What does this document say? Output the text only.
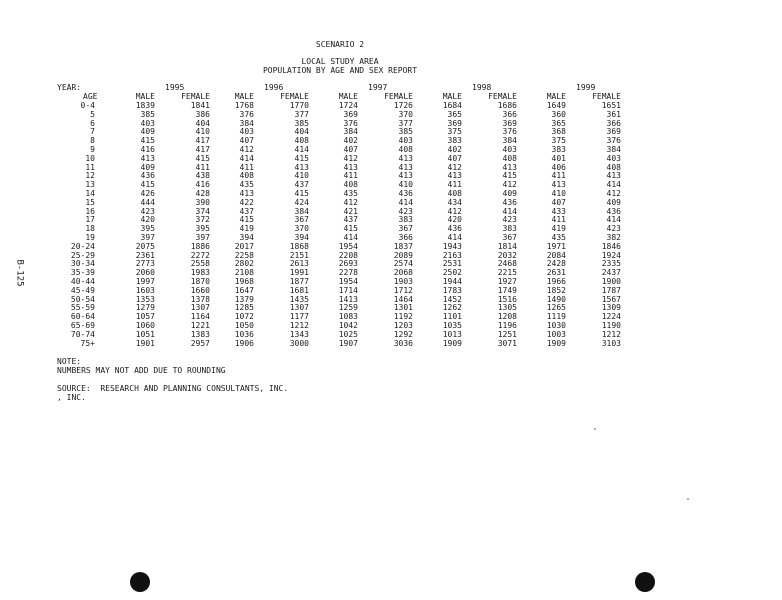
SCENARIO 2
LOCAL STUDY AREA
POPULATION BY AGE AND SEX REPORT
YEAR:
AGE
1995	1996	1997	1998	1999
MALE	FEMALE	MALE	FEMALE	MALE	FEMALE	MALE	FEMALE	MALE	FEMALE
0-4	1839	1841	1768	1770	1724	1726	1684	1686	1649	1651
5	385	386	376	377	369	370	365	366	360	361
6	403	404	384	385	376	377	369	369	365	366
7	409	410	403	404	384	385	375	376	368	369
8	415	417	407	408	402	403	383	384	375	376
9	416	417	412	414	407	408	402	403	383	384
10	413	415	414	415	412	413	407	408	401	403
11	409	411	411	413	413	413	412	413	406	408
12	436	438	408	410	411	413	413	415	411	413
13	415	416	435	437	408	410	411	412	413	414
14	426	428	413	415	435	436	408	409	410	412
15	444	390	422	424	412	414	434	436	407	409
16	423	374	437	384	421	423	412	414	433	436
17	420	372	415	367	437	383	420	423	411	414
18	395	395	419	370	415	367	436	383	419	423
19	397	397	394	394	414	366	414	367	435	382
20-24	2075	1886	2017	1868	1954	1837	1943	1814	1971	1846
25-29	2361	2272	2258	2151	2208	2089	2163	2032	2084	1924
30-34	2773	2558	2802	2613	2693	2574	2531	2468	2428	2335
35-39	2060	1983	2108	1991	2278	2068	2502	2215	2631	2437
40-44	1997	1870	1968	1877	1954	1903	1944	1927	1966	1900
45-49	1603	1660	1647	1681	1714	1712	1783	1749	1852	1787
50-54	1353	1378	1379	1435	1413	1464	1452	1516	1490	1567
55-59	1279	1307	1285	1307	1259	1301	1262	1305	1265	1309
60-64	1057	1164	1072	1177	1083	1192	1101	1208	1119	1224
65-69	1060	1221	1050	1212	1042	1203	1035	1196	1030	1190
70-74	1051	1383	1036	1343	1025	1292	1013	1251	1003	1212
75+	1901	2957	1906	3000	1907	3036	1909	3071	1909	3103
NOTE:
NUMBERS MAY NOT ADD DUE TO ROUNDING
SOURCE:  RESEARCH AND PLANNING CONSULTANTS, INC.
, INC.
B-125
